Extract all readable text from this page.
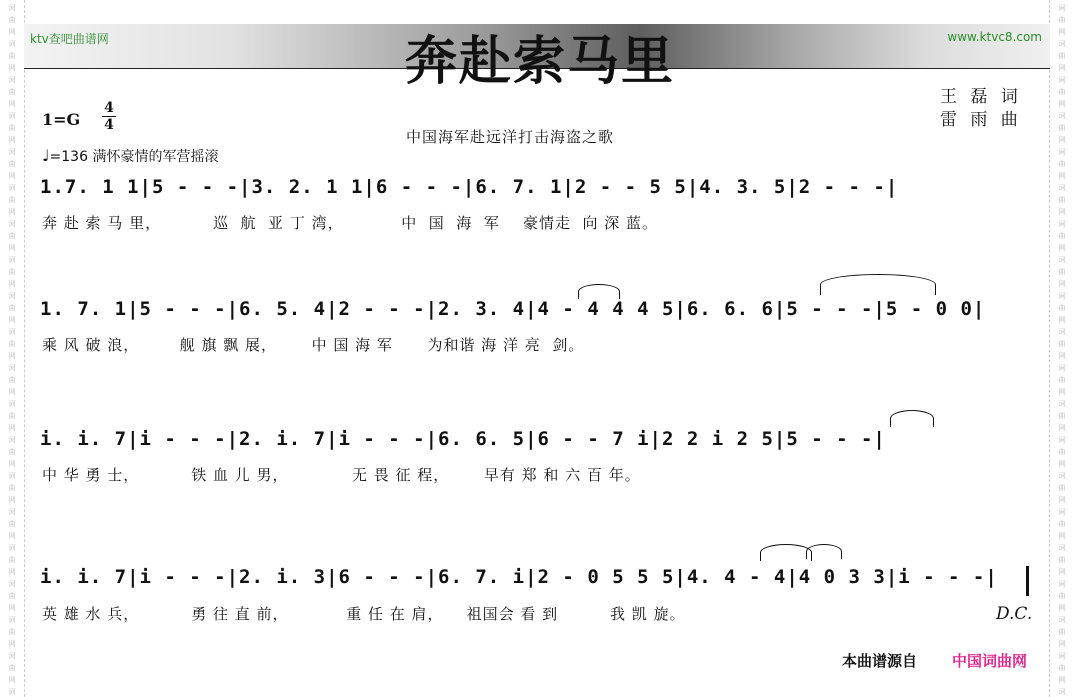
词
曲
网
词
曲
网
词
曲
网
词
曲
网
词
曲
网
词
曲
网
词
曲
网
词
曲
网
词
曲
网
词
曲
网
词
曲
网
词
曲
网
词
曲
网
词
曲
网
词
曲
网
词
曲
网
词
曲
网
词
曲
网
词
曲
网
词
词
曲
网
词
曲
网
词
曲
网
词
曲
网
词
曲
网
词
曲
网
词
曲
网
词
曲
网
词
曲
网
词
曲
网
词
曲
网
词
曲
网
词
曲
网
词
曲
网
词
曲
网
词
曲
网
词
曲
网
词
曲
网
词
曲
网
词
ktv查吧曲谱网	www.ktvc8.com
奔赴索马里
1=G
4
4
中国海军赴远洋打击海盗之歌
王 磊 词
雷 雨 曲
♩=136 满怀豪情的军营摇滚
1.7. 1 1|5 - - -|3. 2. 1 1|6 - - -|6. 7. 1|2 - - 5 5|4. 3. 5|2 - - -|
奔 赴 索 马 里，         巡  航  亚 丁 湾，          中  国  海  军    豪情走  向 深 蓝。
1. 7. 1|5 - - -|6. 5. 4|2 - - -|2. 3. 4|4 - 4 4 4 5|6. 6. 6|5 - - -|5 - 0 0|
乘 风 破 浪，       舰 旗 飘 展，      中 国 海 军      为和谐 海 洋 亮  剑。
i. i. 7|i - - -|2. i. 7|i - - -|6. 6. 5|6 - - 7 i|2 2 i 2 5|5 - - -|
中 华 勇 士，         铁 血 儿 男，           无 畏 征 程，      早有 郑 和 六 百 年。
i. i. 7|i - - -|2. i. 3|6 - - -|6. 7. i|2 - 0 5 5 5|4. 4 - 4|4 0 3 3|i - - -|
英 雄 水 兵，         勇 往 直 前，          重 任 在 肩，    祖国会 看 到         我 凯 旋。	D.C.
本曲谱源自 中国词曲网
